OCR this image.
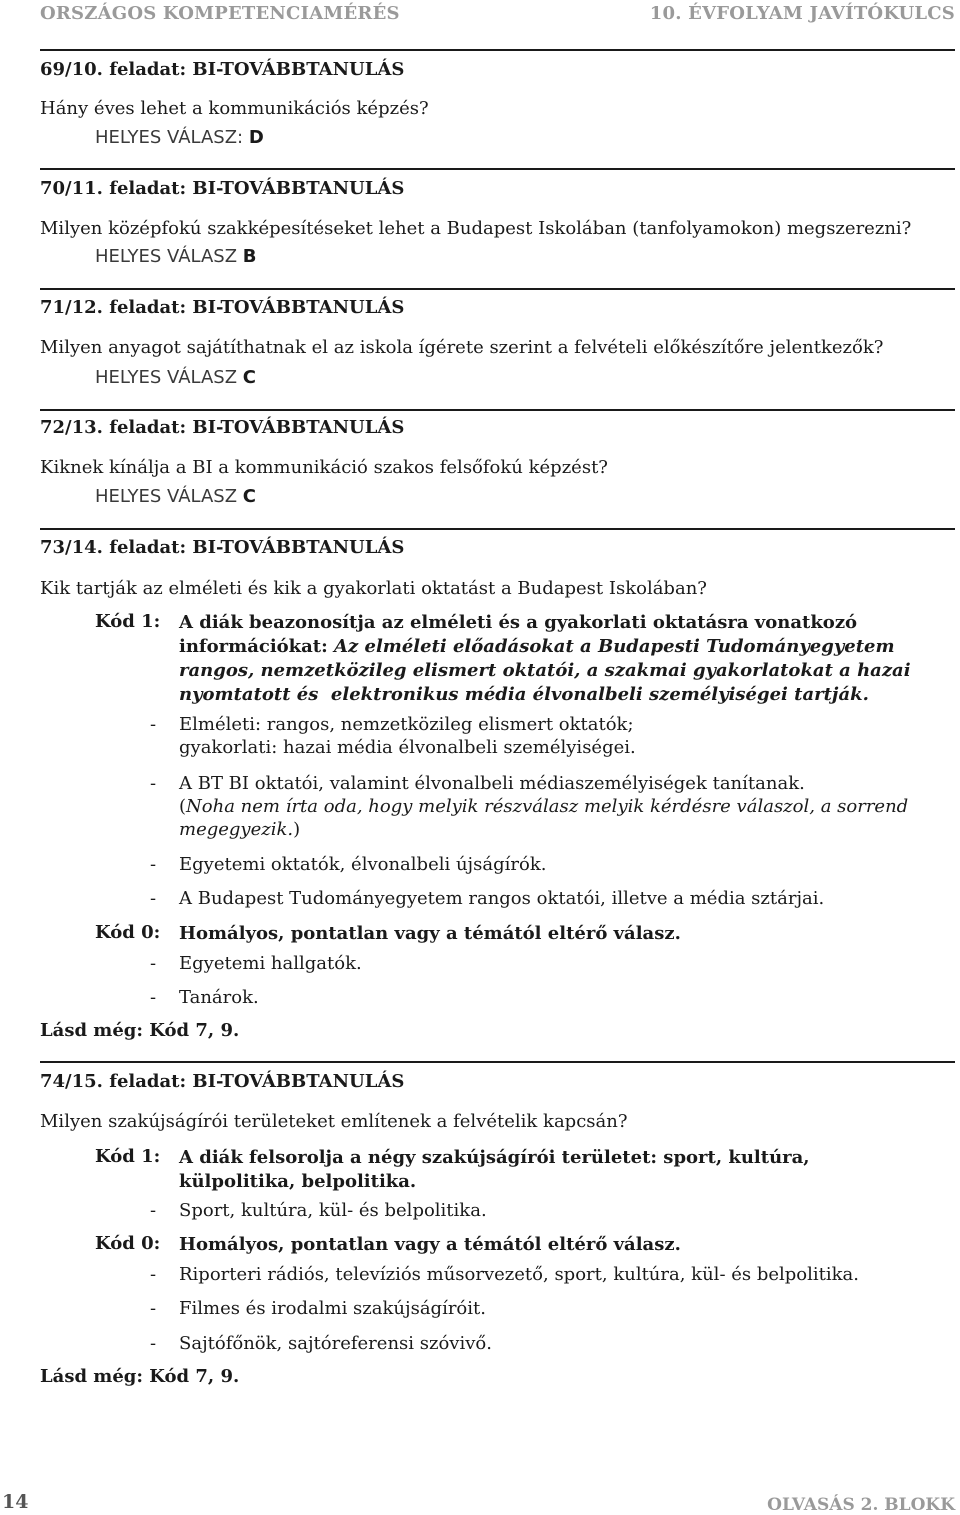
ORSZÁGOS KOMPETENCIAMÉRÉS	10. ÉVFOLYAM JAVÍTÓKULCS
69/10. feladat: BI-TOVÁBBTANULÁS
Hány éves lehet a kommunikációs képzés?
HELYES VÁLASZ: D
70/11. feladat: BI-TOVÁBBTANULÁS
Milyen középfokú szakképesítéseket lehet a Budapest Iskolában (tanfolyamokon) megszerezni?
HELYES VÁLASZ B
71/12. feladat: BI-TOVÁBBTANULÁS
Milyen anyagot sajátíthatnak el az iskola ígérete szerint a felvételi előkészítőre jelentkezők?
HELYES VÁLASZ C
72/13. feladat: BI-TOVÁBBTANULÁS
Kiknek kínálja a BI a kommunikáció szakos felsőfokú képzést?
HELYES VÁLASZ C
73/14. feladat: BI-TOVÁBBTANULÁS
Kik tartják az elméleti és kik a gyakorlati oktatást a Budapest Iskolában?
Kód 1: A diák beazonosítja az elméleti és a gyakorlati oktatásra vonatkozó
információkat: Az elméleti előadásokat a Budapesti Tudományegyetem
rangos, nemzetközileg elismert oktatói, a szakmai gyakorlatokat a hazai
nyomtatott és  elektronikus média élvonalbeli személyiségei tartják.
- Elméleti: rangos, nemzetközileg elismert oktatók;
gyakorlati: hazai média élvonalbeli személyiségei.
- A BT BI oktatói, valamint élvonalbeli médiaszemélyiségek tanítanak.
(Noha nem írta oda, hogy melyik részválasz melyik kérdésre válaszol, a sorrend
megegyezik.)
- Egyetemi oktatók, élvonalbeli újságírók.
- A Budapest Tudományegyetem rangos oktatói, illetve a média sztárjai.
Kód 0: Homályos, pontatlan vagy a témától eltérő válasz.
- Egyetemi hallgatók.
- Tanárok.
Lásd még: Kód 7, 9.
74/15. feladat: BI-TOVÁBBTANULÁS
Milyen szakújságírói területeket említenek a felvételik kapcsán?
Kód 1: A diák felsorolja a négy szakújságírói területet: sport, kultúra,
külpolitika, belpolitika.
- Sport, kultúra, kül- és belpolitika.
Kód 0: Homályos, pontatlan vagy a témától eltérő válasz.
- Riporteri rádiós, televíziós műsorvezető, sport, kultúra, kül- és belpolitika.
- Filmes és irodalmi szakújságíróit.
- Sajtófőnök, sajtóreferensi szóvivő.
Lásd még: Kód 7, 9.
14	OLVASÁS 2. BLOKK
